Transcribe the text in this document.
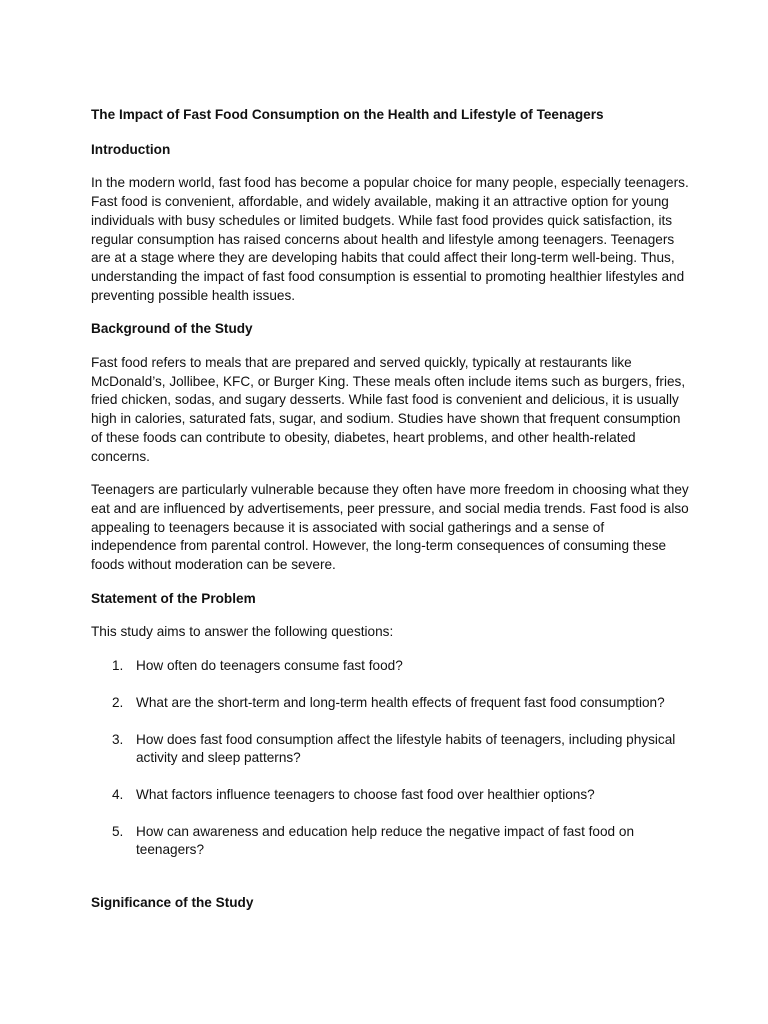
The Impact of Fast Food Consumption on the Health and Lifestyle of Teenagers

Introduction

In the modern world, fast food has become a popular choice for many people, especially teenagers. Fast food is convenient, affordable, and widely available, making it an attractive option for young individuals with busy schedules or limited budgets. While fast food provides quick satisfaction, its regular consumption has raised concerns about health and lifestyle among teenagers. Teenagers are at a stage where they are developing habits that could affect their long-term well-being. Thus, understanding the impact of fast food consumption is essential to promoting healthier lifestyles and preventing possible health issues.

Background of the Study

Fast food refers to meals that are prepared and served quickly, typically at restaurants like McDonald’s, Jollibee, KFC, or Burger King. These meals often include items such as burgers, fries, fried chicken, sodas, and sugary desserts. While fast food is convenient and delicious, it is usually high in calories, saturated fats, sugar, and sodium. Studies have shown that frequent consumption of these foods can contribute to obesity, diabetes, heart problems, and other health-related concerns.

Teenagers are particularly vulnerable because they often have more freedom in choosing what they eat and are influenced by advertisements, peer pressure, and social media trends. Fast food is also appealing to teenagers because it is associated with social gatherings and a sense of independence from parental control. However, the long-term consequences of consuming these foods without moderation can be severe.

Statement of the Problem

This study aims to answer the following questions:

1. How often do teenagers consume fast food?
2. What are the short-term and long-term health effects of frequent fast food consumption?
3. How does fast food consumption affect the lifestyle habits of teenagers, including physical activity and sleep patterns?
4. What factors influence teenagers to choose fast food over healthier options?
5. How can awareness and education help reduce the negative impact of fast food on teenagers?

Significance of the Study
